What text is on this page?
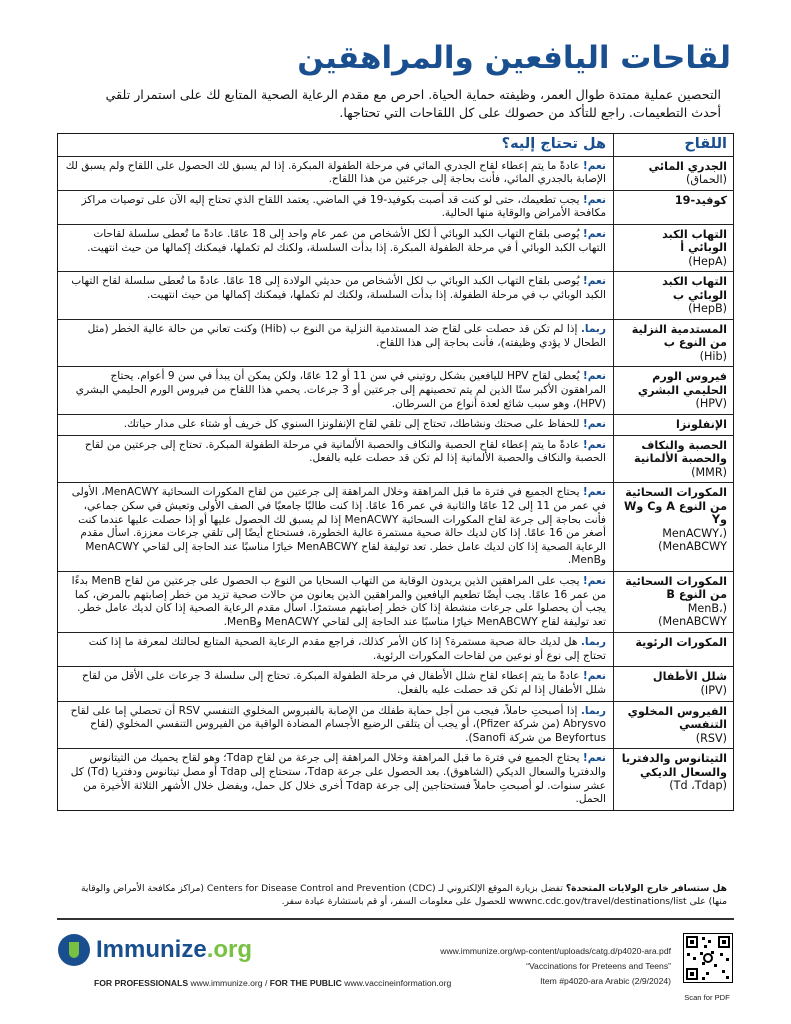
لقاحات اليافعين والمراهقين
التحصين عملية ممتدة طوال العمر، وظيفته حماية الحياة. احرص مع مقدم الرعاية الصحية المتابع لك على استمرار تلقي أحدث التطعيمات. راجع للتأكد من حصولك على كل اللقاحات التي تحتاجها.
اللقاح
هل تحتاج إليه؟
الجدري المائي
(الحماق)
نعم! عادةً ما يتم إعطاء لقاح الجدري المائي في مرحلة الطفولة المبكرة. إذا لم يسبق لك الحصول على اللقاح ولم يسبق لك الإصابة بالجدري المائي، فأنت بحاجة إلى جرعتين من هذا اللقاح.
كوفيد-19
نعم! يجب تطعيمك، حتى لو كنت قد أصبت بكوفيد-19 في الماضي. يعتمد اللقاح الذي تحتاج إليه الآن على توصيات مراكز مكافحة الأمراض والوقاية منها الحالية.
التهاب الكبد الوبائي أ
(HepA)
نعم! يُوصى بلقاح التهاب الكبد الوبائي أ لكل الأشخاص من عمر عام واحد إلى 18 عامًا. عادةً ما تُعطى سلسلة لقاحات التهاب الكبد الوبائي أ في مرحلة الطفولة المبكرة. إذا بدأت السلسلة، ولكنك لم تكملها، فيمكنك إكمالها من حيث انتهيت.
التهاب الكبد الوبائي ب
(HepB)
نعم! يُوصى بلقاح التهاب الكبد الوبائي ب لكل الأشخاص من حديثي الولادة إلى 18 عامًا. عادةً ما تُعطى سلسلة لقاح التهاب الكبد الوبائي ب في مرحلة الطفولة. إذا بدأت السلسلة، ولكنك لم تكملها، فيمكنك إكمالها من حيث انتهيت.
المستدمية النزلية من النوع ب
(Hib)
ربما. إذا لم تكن قد حصلت على لقاح ضد المستدمية النزلية من النوع ب (Hib) وكنت تعاني من حالة عالية الخطر (مثل الطحال لا يؤدي وظيفته)، فأنت بحاجة إلى هذا اللقاح.
فيروس الورم الحليمي البشري
(HPV)
نعم! يُعطى لقاح HPV لليافعين بشكل روتيني في سن 11 أو 12 عامًا، ولكن يمكن أن يبدأ في سن 9 أعوام. يحتاج المراهقون الأكبر سنًا الذين لم يتم تحصينهم إلى جرعتين أو 3 جرعات. يحمي هذا اللقاح من فيروس الورم الحليمي البشري (HPV)، وهو سبب شائع لعدة أنواع من السرطان.
الإنفلونزا
نعم! للحفاظ على صحتك ونشاطك، تحتاج إلى تلقي لقاح الإنفلونزا السنوي كل خريف أو شتاء على مدار حياتك.
الحصبة والنكاف والحصبة الألمانية
(MMR)
نعم! عادةً ما يتم إعطاء لقاح الحصبة والنكاف والحصبة الألمانية في مرحلة الطفولة المبكرة. تحتاج إلى جرعتين من لقاح الحصبة والنكاف والحصبة الألمانية إذا لم تكن قد حصلت عليه بالفعل.
المكورات السحائية من النوع A وC وW وY
(MenACWY، MenABCWY)
نعم! يحتاج الجميع في فترة ما قبل المراهقة وخلال المراهقة إلى جرعتين من لقاح المكورات السحائية MenACWY، الأولى في عمر من 11 إلى 12 عامًا والثانية في عمر 16 عامًا. إذا كنت طالبًا جامعيًا في الصف الأولى وتعيش في سكن جماعي، فأنت بحاجة إلى جرعة لقاح المكورات السحائية MenACWY إذا لم يسبق لك الحصول عليها أو إذا حصلت عليها عندما كنت أصغر من 16 عامًا. إذا كان لديك حالة صحية مستمرة عالية الخطورة، فستحتاج أيضًا إلى تلقي جرعات معززة. اسأل مقدم الرعاية الصحية إذا كان لديك عامل خطر. تعد توليفة لقاح MenABCWY خيارًا مناسبًا عند الحاجة إلى لقاحي MenACWY وMenB.
المكورات السحائية من النوع B
(MenB، MenABCWY)
نعم! يجب على المراهقين الذين يريدون الوقاية من التهاب السحايا من النوع ب الحصول على جرعتين من لقاح MenB بدءًا من عمر 16 عامًا. يجب أيضًا تطعيم اليافعين والمراهقين الذين يعانون من حالات صحية تزيد من خطر إصابتهم بالمرض، كما يجب أن يحصلوا على جرعات منشطة إذا كان خطر إصابتهم مستمرًا. اسأل مقدم الرعاية الصحية إذا كان لديك عامل خطر. تعد توليفة لقاح MenABCWY خيارًا مناسبًا عند الحاجة إلى لقاحي MenACWY وMenB.
المكورات الرئوية
ربما. هل لديك حالة صحية مستمرة؟ إذا كان الأمر كذلك، فراجع مقدم الرعاية الصحية المتابع لحالتك لمعرفة ما إذا كنت تحتاج إلى نوع أو نوعين من لقاحات المكورات الرئوية.
شلل الأطفال
(IPV)
نعم! عادةً ما يتم إعطاء لقاح شلل الأطفال في مرحلة الطفولة المبكرة. تحتاج إلى سلسلة 3 جرعات على الأقل من لقاح شلل الأطفال إذا لم تكن قد حصلت عليه بالفعل.
الفيروس المخلوي التنفسي
(RSV)
ربما. إذا أصبحتِ حاملاً، فيجب من أجل حماية طفلك من الإصابة بالفيروس المخلوي التنفسي RSV أن تحصلي إما على لقاح Abrysvo (من شركة Pfizer)، أو يجب أن يتلقى الرضيع الأجسام المضادة الواقية من الفيروس التنفسي المخلوي (لقاح Beyfortus من شركة Sanofi).
التيتانوس والدفتريا والسعال الديكي
(Td ،Tdap)
نعم! يحتاج الجميع في فترة ما قبل المراهقة وخلال المراهقة إلى جرعة من لقاح Tdap؛ وهو لقاح يحميك من التيتانوس والدفتريا والسعال الديكي (الشاهوق). بعد الحصول على جرعة Tdap، ستحتاج إلى Tdap أو مصل تيتانوس ودفتريا (Td) كل عشر سنوات. لو أصبحتِ حاملاً فستحتاجين إلى جرعة Tdap أخرى خلال كل حمل، ويفضل خلال الأشهر الثلاثة الأخيرة من الحمل.
هل ستسافر خارج الولايات المتحدة؟ تفضل بزيارة الموقع الإلكتروني لـ Centers for Disease Control and Prevention (CDC) (مراكز مكافحة الأمراض والوقاية منها) على wwwnc.cdc.gov/travel/destinations/list للحصول على معلومات السفر، أو قم باستشارة عيادة سفر.
Immunize.org
FOR PROFESSIONALS www.immunize.org / FOR THE PUBLIC www.vaccineinformation.org
www.immunize.org/wp-content/uploads/catg.d/p4020-ara.pdf
“Vaccinations for Preteens and Teens”
Item #p4020-ara Arabic (2/9/2024)
Scan for PDF
